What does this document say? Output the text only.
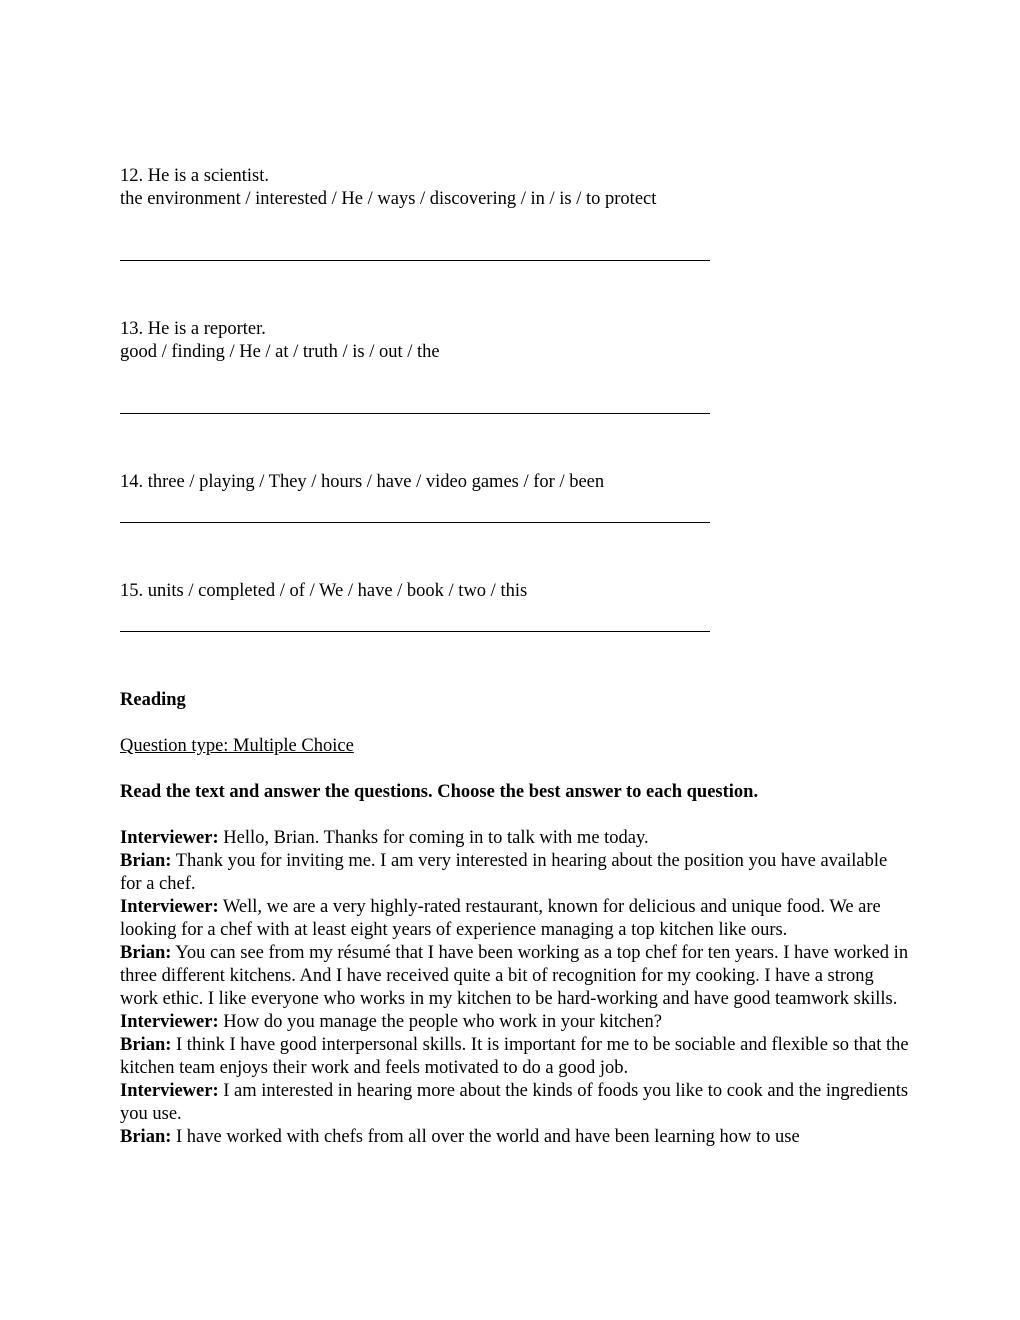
12. He is a scientist.
the environment / interested / He / ways / discovering / in / is / to protect
13. He is a reporter.
good / finding / He / at / truth / is / out / the
14. three / playing / They / hours / have / video games / for / been
15. units / completed / of / We / have / book / two / this
Reading
Question type: Multiple Choice
Read the text and answer the questions. Choose the best answer to each question.

Interviewer: Hello, Brian. Thanks for coming in to talk with me today.

Brian: Thank you for inviting me. I am very interested in hearing about the position you have available for a chef.

Interviewer: Well, we are a very highly-rated restaurant, known for delicious and unique food. We are looking for a chef with at least eight years of experience managing a top kitchen like ours.

Brian: You can see from my résumé that I have been working as a top chef for ten years. I have worked in three different kitchens. And I have received quite a bit of recognition for my cooking. I have a strong work ethic. I like everyone who works in my kitchen to be hard-working and have good teamwork skills.

Interviewer: How do you manage the people who work in your kitchen?

Brian: I think I have good interpersonal skills. It is important for me to be sociable and flexible so that the kitchen team enjoys their work and feels motivated to do a good job.

Interviewer: I am interested in hearing more about the kinds of foods you like to cook and the ingredients you use.

Brian: I have worked with chefs from all over the world and have been learning how to use
